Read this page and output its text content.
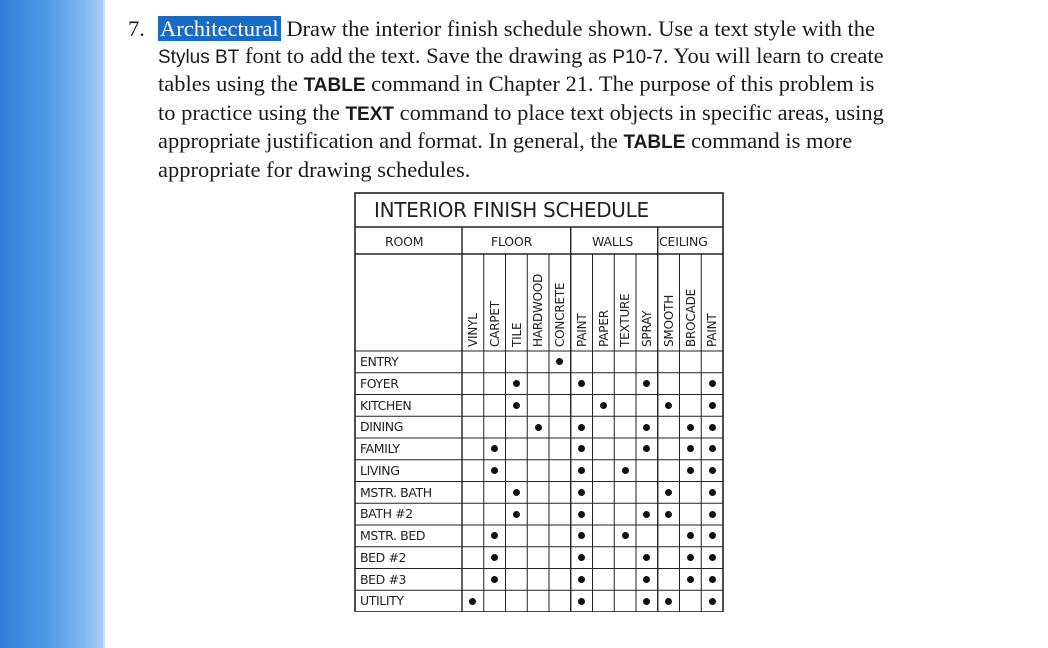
7. Architectural Draw the interior finish schedule shown. Use a text style with the
Stylus BT font to add the text. Save the drawing as P10-7. You will learn to create
tables using the TABLE command in Chapter 21. The purpose of this problem is
to practice using the TEXT command to place text objects in specific areas, using
appropriate justification and format. In general, the TABLE command is more
appropriate for drawing schedules.
INTERIOR FINISH SCHEDULE
ROOM	FLOOR	WALLS CEILING
VINYL CARPET TILE HARDWOOD CONCRETE PAINT PAPER TEXTURE SPRAY SMOOTH BROCADE PAINT
ENTRY
FOYER
KITCHEN
DINING
FAMILY
LIVING
MSTR. BATH
BATH #2
MSTR. BED
BED #2
BED #3
UTILITY
